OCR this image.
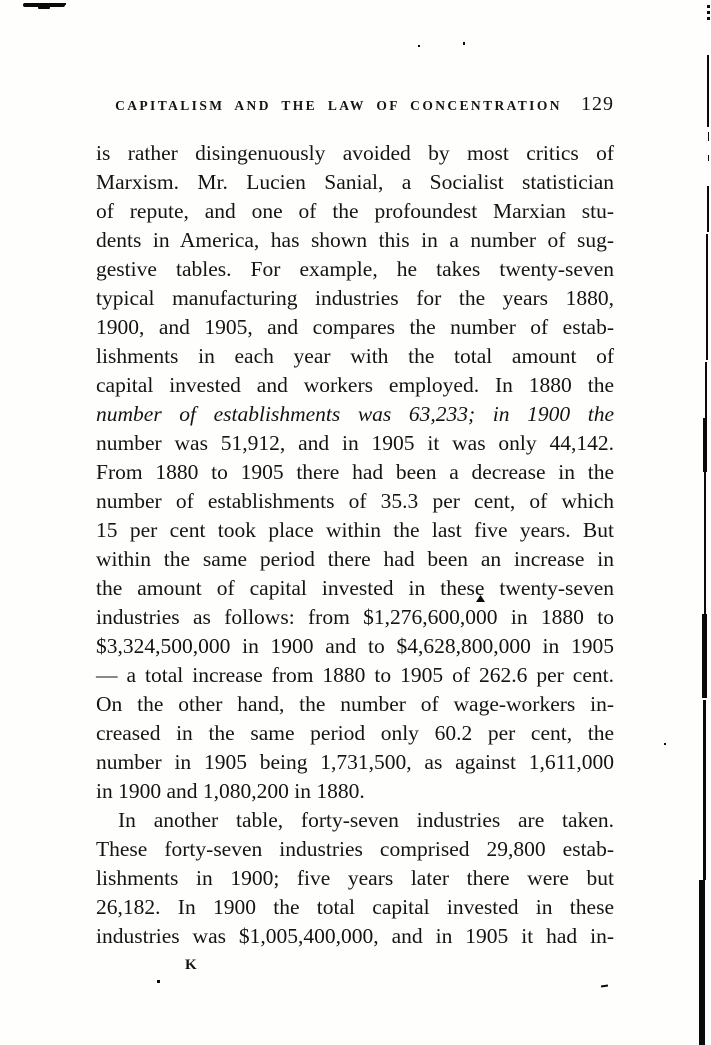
CAPITALISM AND THE LAW OF CONCENTRATION 129
is rather disingenuously avoided by most critics of
Marxism. Mr. Lucien Sanial, a Socialist statistician
of repute, and one of the profoundest Marxian stu-
dents in America, has shown this in a number of sug-
gestive tables. For example, he takes twenty-seven
typical manufacturing industries for the years 1880,
1900, and 1905, and compares the number of estab-
lishments in each year with the total amount of
capital invested and workers employed. In 1880 the
number of establishments was 63,233; in 1900 the
number was 51,912, and in 1905 it was only 44,142.
From 1880 to 1905 there had been a decrease in the
number of establishments of 35.3 per cent, of which
15 per cent took place within the last five years. But
within the same period there had been an increase in
the amount of capital invested in these twenty-seven
industries as follows: from $1,276,600,000 in 1880 to
$3,324,500,000 in 1900 and to $4,628,800,000 in 1905
— a total increase from 1880 to 1905 of 262.6 per cent.
On the other hand, the number of wage-workers in-
creased in the same period only 60.2 per cent, the
number in 1905 being 1,731,500, as against 1,611,000
in 1900 and 1,080,200 in 1880.
In another table, forty-seven industries are taken.
These forty-seven industries comprised 29,800 estab-
lishments in 1900; five years later there were but
26,182. In 1900 the total capital invested in these
industries was $1,005,400,000, and in 1905 it had in-
K
